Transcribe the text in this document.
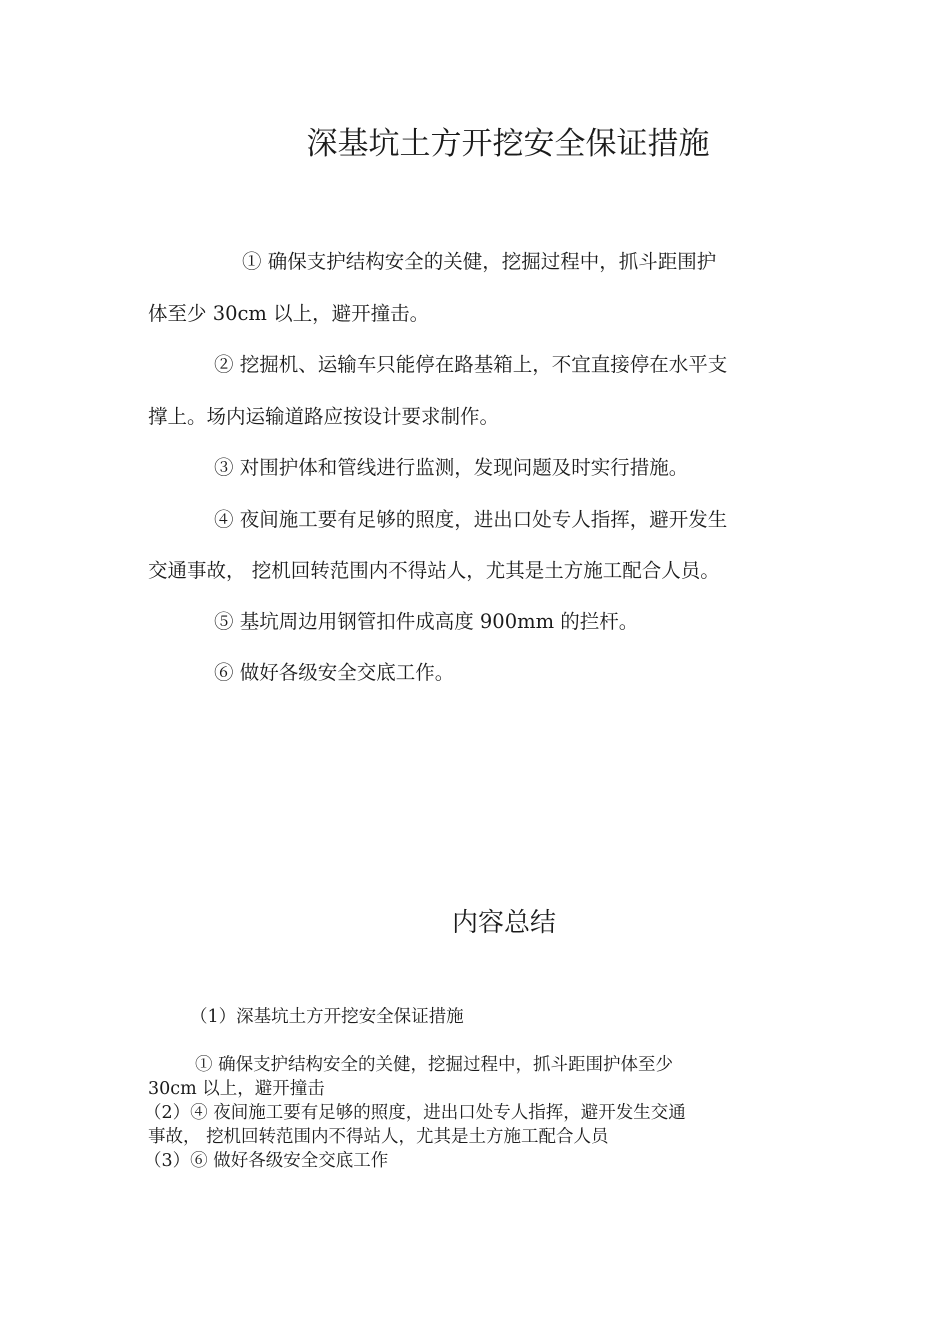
深基坑土方开挖安全保证措施
① 确保支护结构安全的关健，挖掘过程中，抓斗距围护
体至少 30cm 以上，避开撞击。
② 挖掘机、运输车只能停在路基箱上，不宜直接停在水平支
撑上。场内运输道路应按设计要求制作。
③ 对围护体和管线进行监测，发现问题及时实行措施。
④ 夜间施工要有足够的照度，进出口处专人指挥，避开发生
交通事故， 挖机回转范围内不得站人，尤其是土方施工配合人员。
⑤ 基坑周边用钢管扣件成高度 900mm 的拦杆。
⑥ 做好各级安全交底工作。
内容总结
（1）深基坑土方开挖安全保证措施
① 确保支护结构安全的关健，挖掘过程中，抓斗距围护体至少
30cm 以上，避开撞击
（2）④ 夜间施工要有足够的照度，进出口处专人指挥，避开发生交通
事故， 挖机回转范围内不得站人，尤其是土方施工配合人员
（3）⑥ 做好各级安全交底工作
